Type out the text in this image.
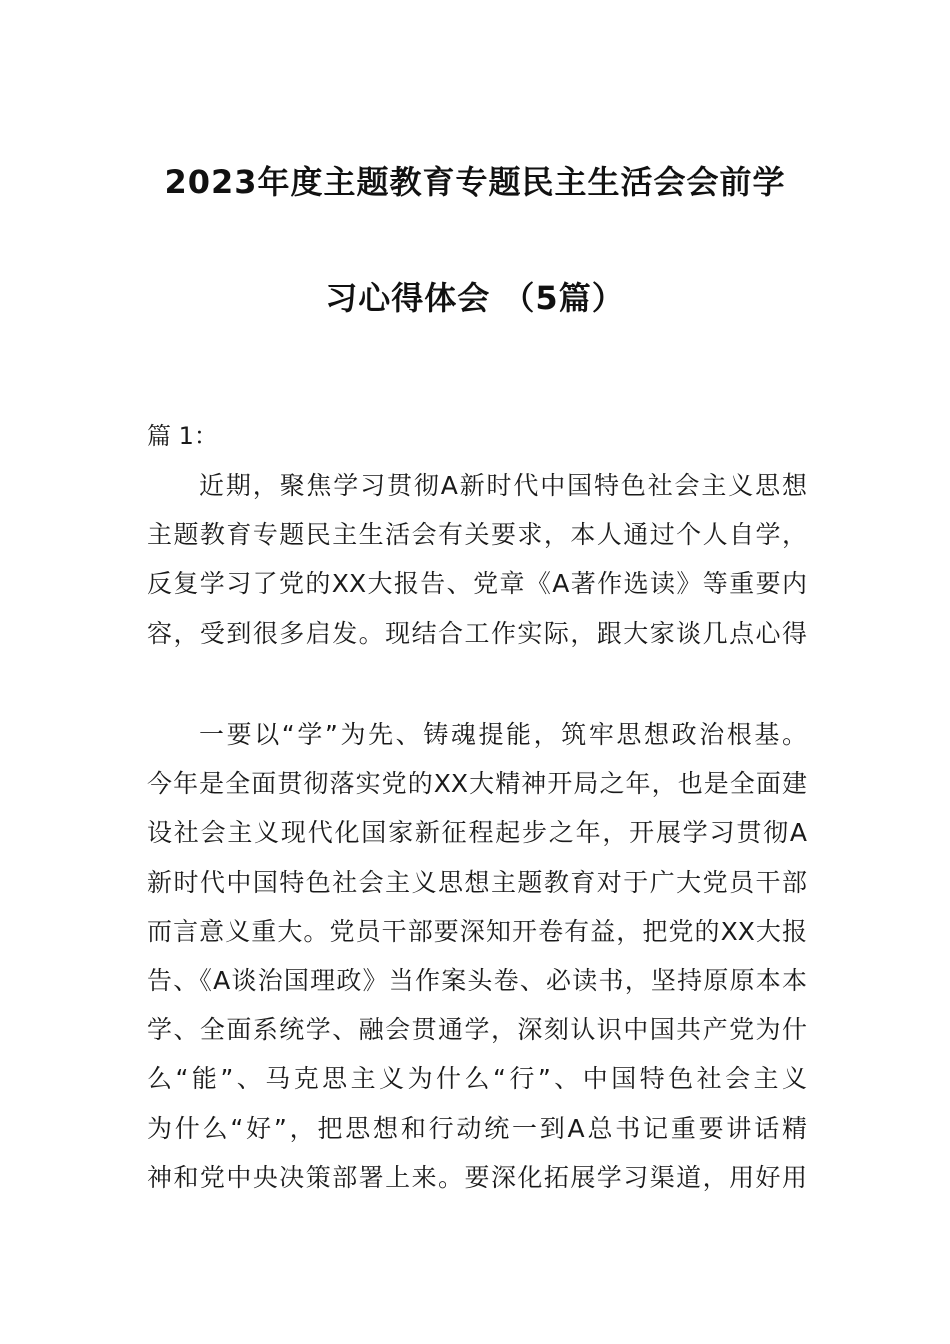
2023年度主题教育专题民主生活会会前学
习心得体会 （5篇）
篇 1：
近期，聚焦学习贯彻A新时代中国特色社会主义思想
主题教育专题民主生活会有关要求，本人通过个人自学，
反复学习了党的XX大报告、党章《A著作选读》等重要内
容，受到很多启发。现结合工作实际，跟大家谈几点心得
一要以“学”为先、铸魂提能，筑牢思想政治根基。
今年是全面贯彻落实党的XX大精神开局之年，也是全面建
设社会主义现代化国家新征程起步之年，开展学习贯彻A
新时代中国特色社会主义思想主题教育对于广大党员干部
而言意义重大。党员干部要深知开卷有益，把党的XX大报
告、《A谈治国理政》当作案头卷、必读书，坚持原原本本
学、全面系统学、融会贯通学，深刻认识中国共产党为什
么“能”、马克思主义为什么“行”、中国特色社会主义
为什么“好”，把思想和行动统一到A总书记重要讲话精
神和党中央决策部署上来。要深化拓展学习渠道，用好用
